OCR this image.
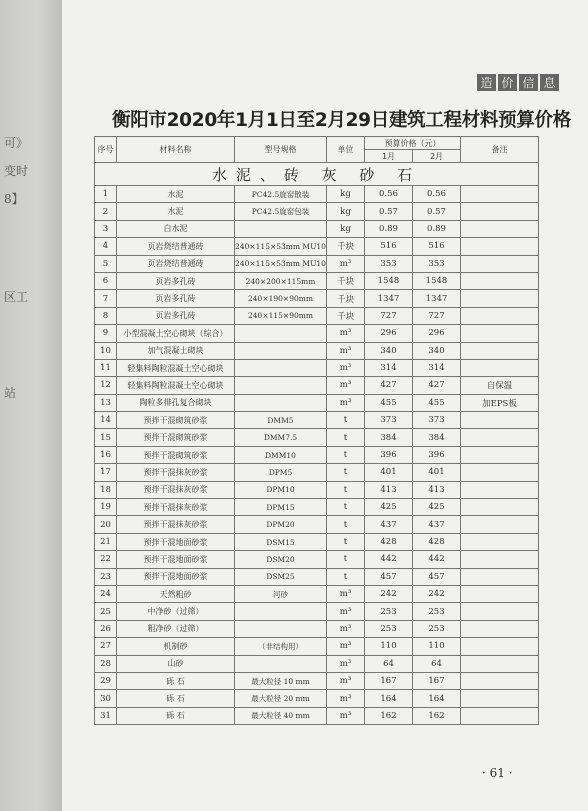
可》
变时
8】
区工
站
造 价 信 息
衡阳市2020年1月1日至2月29日建筑工程材料预算价格
序号	材料名称	型号规格	单位	预算价格（元）		备注
				1月	2月	
水泥、砖 灰 砂 石						
1	水泥	PC42.5旋窑散装	kg	0.56	0.56	
2	水泥	PC42.5旋窑包装	kg	0.57	0.57	
3	白水泥		kg	0.89	0.89	
4	页岩烧结普通砖	240×115×53mm MU10	千块	516	516	
5	页岩烧结普通砖	240×115×53mm MU10	m³	353	353	
6	页岩多孔砖	240×200×115mm	千块	1548	1548	
7	页岩多孔砖	240×190×90mm	千块	1347	1347	
8	页岩多孔砖	240×115×90mm	千块	727	727	
9	小型混凝土空心砌块（综合）		m³	296	296	
10	加气混凝土砌块		m³	340	340	
11	轻集料陶粒混凝土空心砌块		m³	314	314	
12	轻集料陶粒混凝土空心砌块		m³	427	427	自保温
13	陶粒多排孔复合砌块		m³	455	455	加EPS板
14	预拌干混砌筑砂浆	DMM5	t	373	373	
15	预拌干混砌筑砂浆	DMM7.5	t	384	384	
16	预拌干混砌筑砂浆	DMM10	t	396	396	
17	预拌干混抹灰砂浆	DPM5	t	401	401	
18	预拌干混抹灰砂浆	DPM10	t	413	413	
19	预拌干混抹灰砂浆	DPM15	t	425	425	
20	预拌干混抹灰砂浆	DPM20	t	437	437	
21	预拌干混地面砂浆	DSM15	t	428	428	
22	预拌干混地面砂浆	DSM20	t	442	442	
23	预拌干混地面砂浆	DSM25	t	457	457	
24	天然粗砂	河砂	m³	242	242	
25	中净砂（过筛）		m³	253	253	
26	粗净砂（过筛）		m³	253	253	
27	机制砂	（非结构用）	m³	110	110	
28	山砂		m³	64	64	
29	砾 石	最大粒径 10 mm	m³	167	167	
30	砾 石	最大粒径 20 mm	m³	164	164	
31	砾 石	最大粒径 40 mm	m³	162	162	
· 61 ·
